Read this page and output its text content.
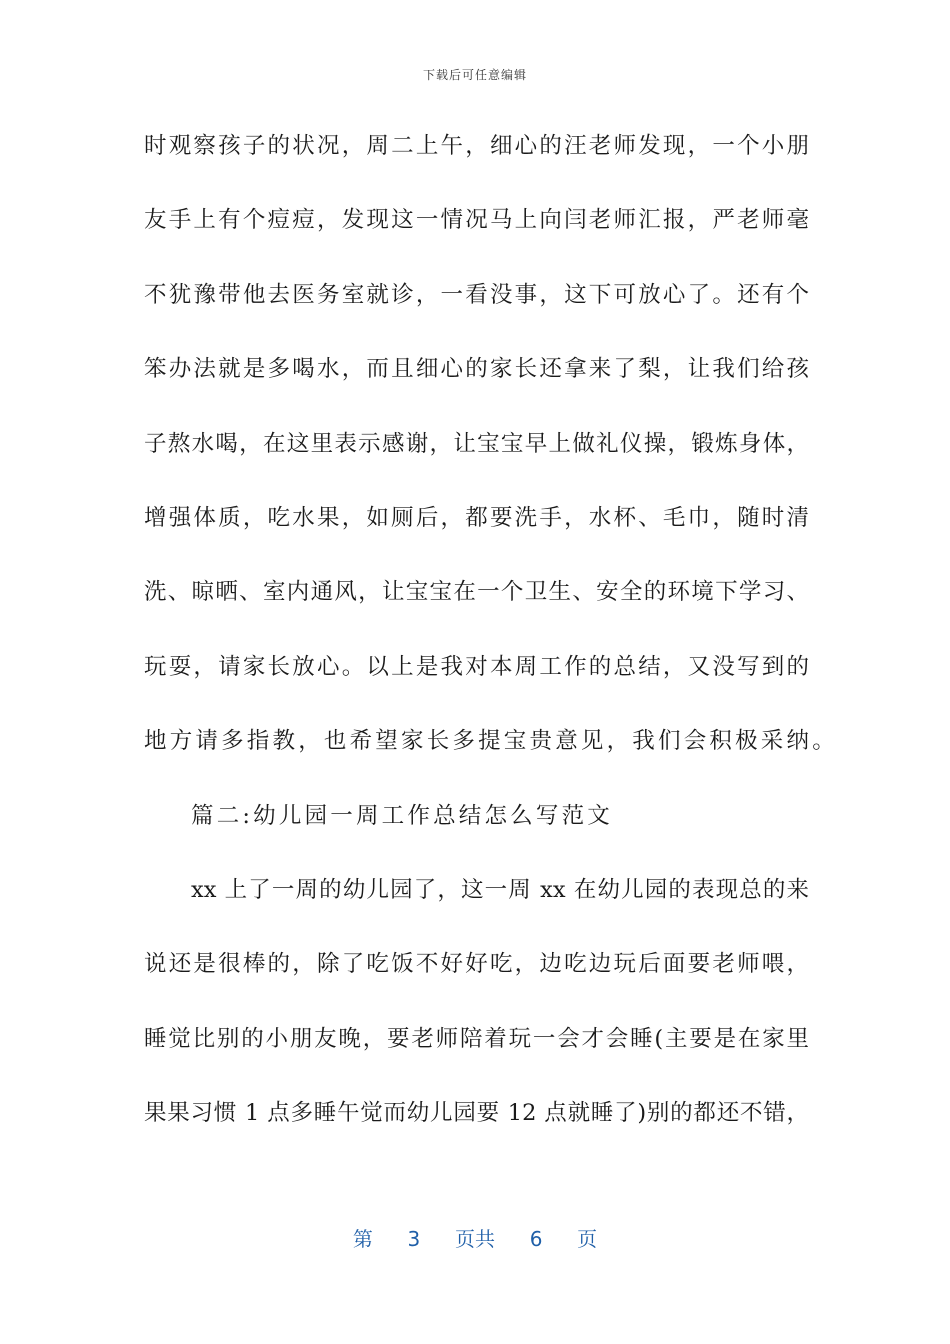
下载后可任意编辑
时观察孩子的状况，周二上午，细心的汪老师发现，一个小朋
友手上有个痘痘，发现这一情况马上向闫老师汇报，严老师毫
不犹豫带他去医务室就诊，一看没事，这下可放心了。还有个
笨办法就是多喝水，而且细心的家长还拿来了梨，让我们给孩
子熬水喝，在这里表示感谢，让宝宝早上做礼仪操，锻炼身体，
增强体质，吃水果，如厕后，都要洗手，水杯、毛巾，随时清
洗、晾晒、室内通风，让宝宝在一个卫生、安全的环境下学习、
玩耍，请家长放心。以上是我对本周工作的总结，又没写到的
地方请多指教，也希望家长多提宝贵意见，我们会积极采纳。
篇二:幼儿园一周工作总结怎么写范文
xx 上了一周的幼儿园了，这一周 xx 在幼儿园的表现总的来
说还是很棒的，除了吃饭不好好吃，边吃边玩后面要老师喂，
睡觉比别的小朋友晚，要老师陪着玩一会才会睡(主要是在家里
果果习惯 1 点多睡午觉而幼儿园要 12 点就睡了)别的都还不错，
第 3 页共 6 页
